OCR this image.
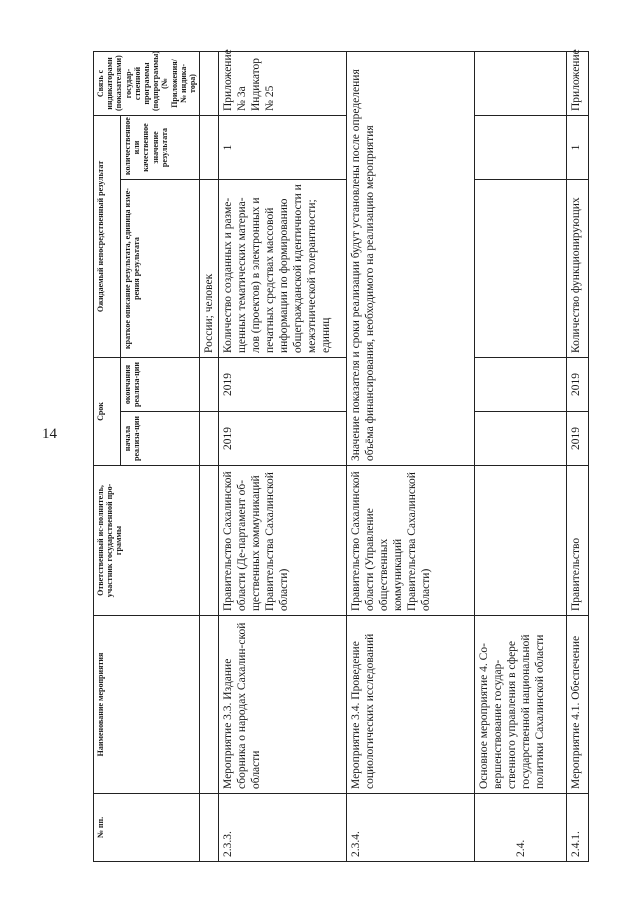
14
№ пп.	Наименование мероприятия	Ответственный ис-полнитель, участник государственной про-граммы	Срок		Ожидаемый непосредственный результат		Связь с индикаторами (показателями) государ-ственной программы (подпрограммы) (№ Приложения/№ индика-тора)
			начала реализа-ции	окончания реализа-ции	краткое описание результата, единица изме-рения результата	количественное или качественное значение результата	
					России; человек		
2.3.3.	Мероприятие 3.3. Издание сборника о народах Сахалин-ской области	Правительство Сахалинской области (Де-партамент об-щественных коммуникаций Правительства Сахалинской области)	2019	2019	Количество созданных и разме-щенных тематических материа-лов (проектов) в электронных и печатных средствах массовой информации по формированию общегражданской идентичности и межэтнической толерантности; единиц	1	Приложение № 3а Индикатор № 25
2.3.4.	Мероприятие 3.4. Проведение социологических исследований	Правительство Сахалинской области (Управление общественных коммуникаций Правительства Сахалинской области)	Значение показателя и сроки реализации будут установлены после определения объёма финансирования, необходимого на реализацию мероприятия				
2.4.	Основное мероприятие 4. Со-вершенствование государ-ственного управления в сфере государственной национальной политики Сахалинской области						
2.4.1.	Мероприятие 4.1. Обеспечение	Правительство	2019	2019	Количество функционирующих	1	Приложение
